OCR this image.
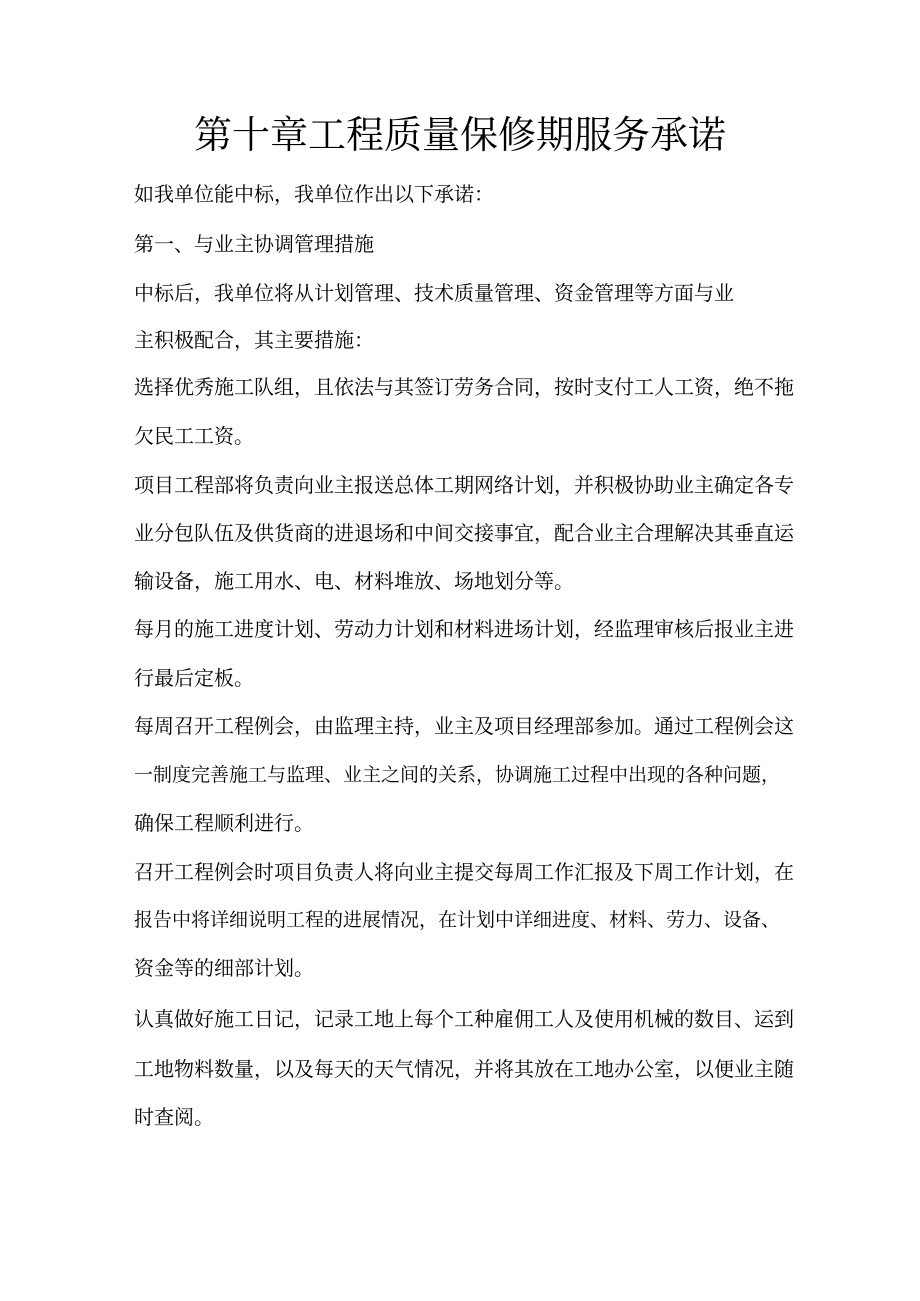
第十章工程质量保修期服务承诺

如我单位能中标，我单位作出以下承诺：

第一、与业主协调管理措施

中标后，我单位将从计划管理、技术质量管理、资金管理等方面与业

主积极配合，其主要措施：

选择优秀施工队组，且依法与其签订劳务合同，按时支付工人工资，绝不拖

欠民工工资。

项目工程部将负责向业主报送总体工期网络计划，并积极协助业主确定各专

业分包队伍及供货商的进退场和中间交接事宜，配合业主合理解决其垂直运

输设备，施工用水、电、材料堆放、场地划分等。

每月的施工进度计划、劳动力计划和材料进场计划，经监理审核后报业主进

行最后定板。

每周召开工程例会，由监理主持，业主及项目经理部参加。通过工程例会这

一制度完善施工与监理、业主之间的关系，协调施工过程中出现的各种问题，

确保工程顺利进行。

召开工程例会时项目负责人将向业主提交每周工作汇报及下周工作计划，在

报告中将详细说明工程的进展情况，在计划中详细进度、材料、劳力、设备、

资金等的细部计划。

认真做好施工日记，记录工地上每个工种雇佣工人及使用机械的数目、运到

工地物料数量，以及每天的天气情况，并将其放在工地办公室，以便业主随

时查阅。
